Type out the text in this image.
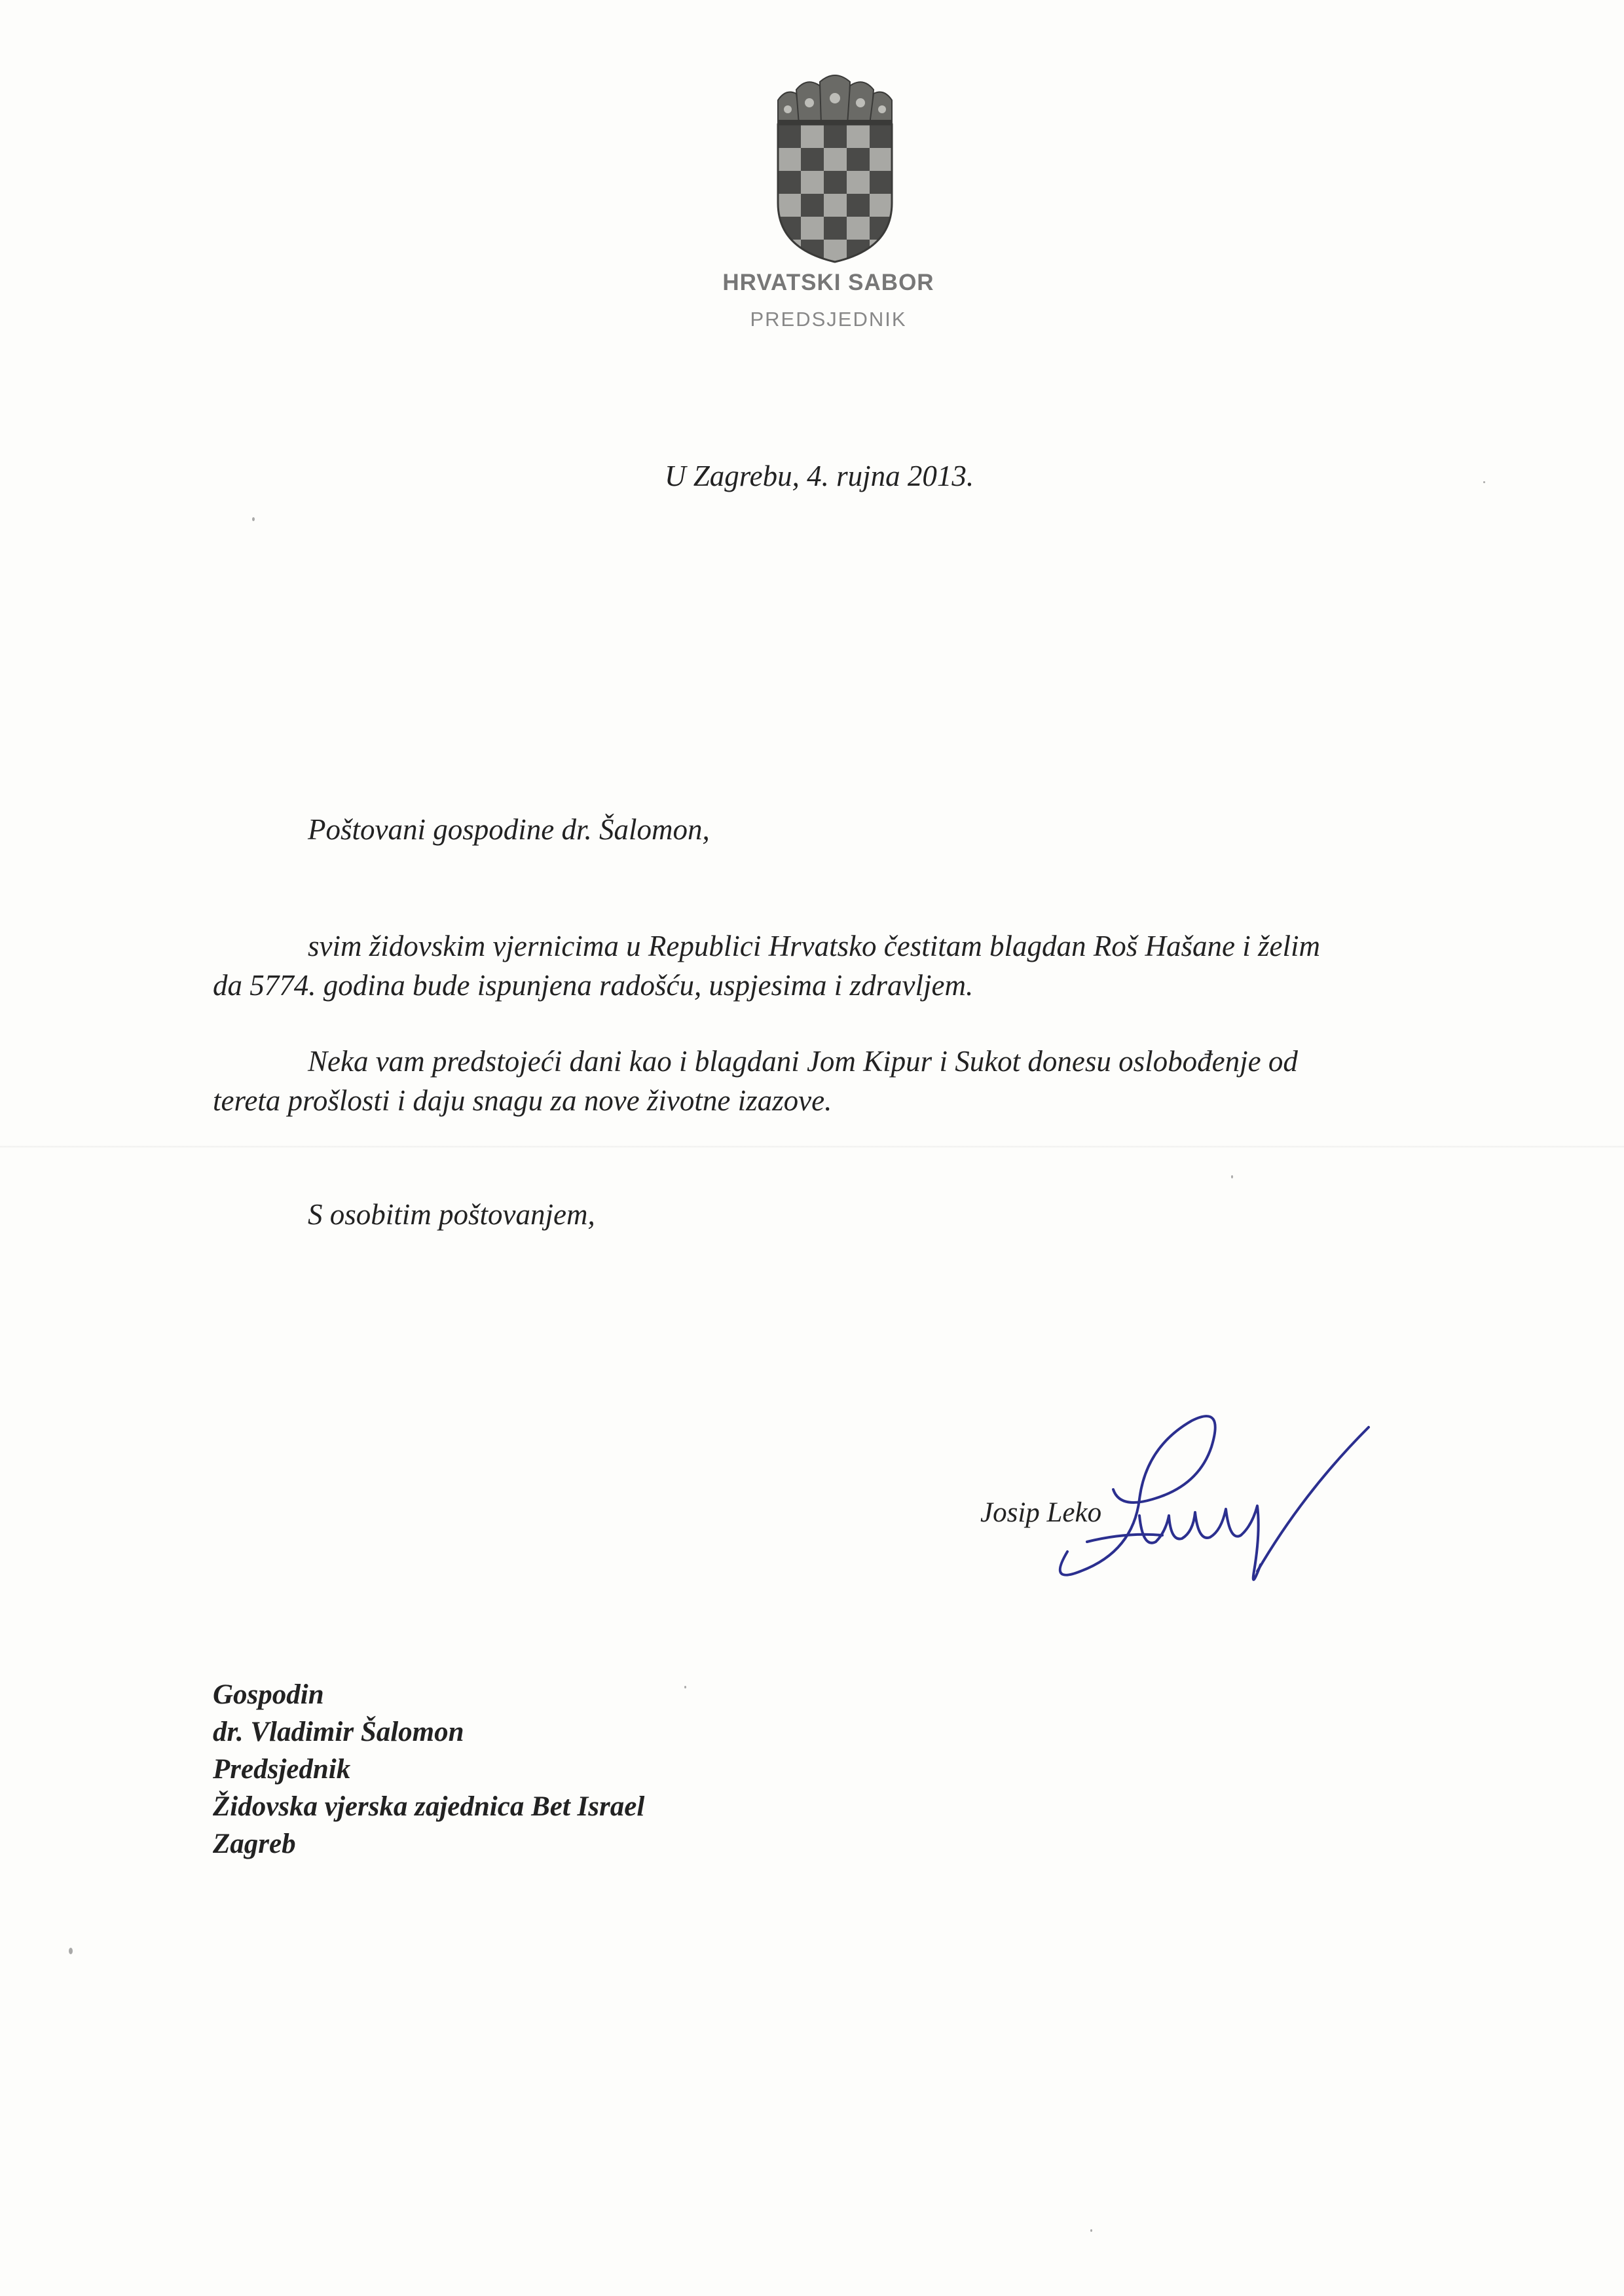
HRVATSKI SABOR
PREDSJEDNIK
U Zagrebu, 4. rujna 2013.
Poštovani gospodine dr. Šalomon,
svim židovskim vjernicima u Republici Hrvatsko čestitam blagdan Roš Hašane i želim
da 5774. godina bude ispunjena radošću, uspjesima i zdravljem.
Neka vam predstojeći dani kao i blagdani Jom Kipur i Sukot donesu oslobođenje od
tereta prošlosti i daju snagu za nove životne izazove.
S osobitim poštovanjem,
Josip Leko
Gospodin
dr. Vladimir Šalomon
Predsjednik
Židovska vjerska zajednica Bet Israel
Zagreb
